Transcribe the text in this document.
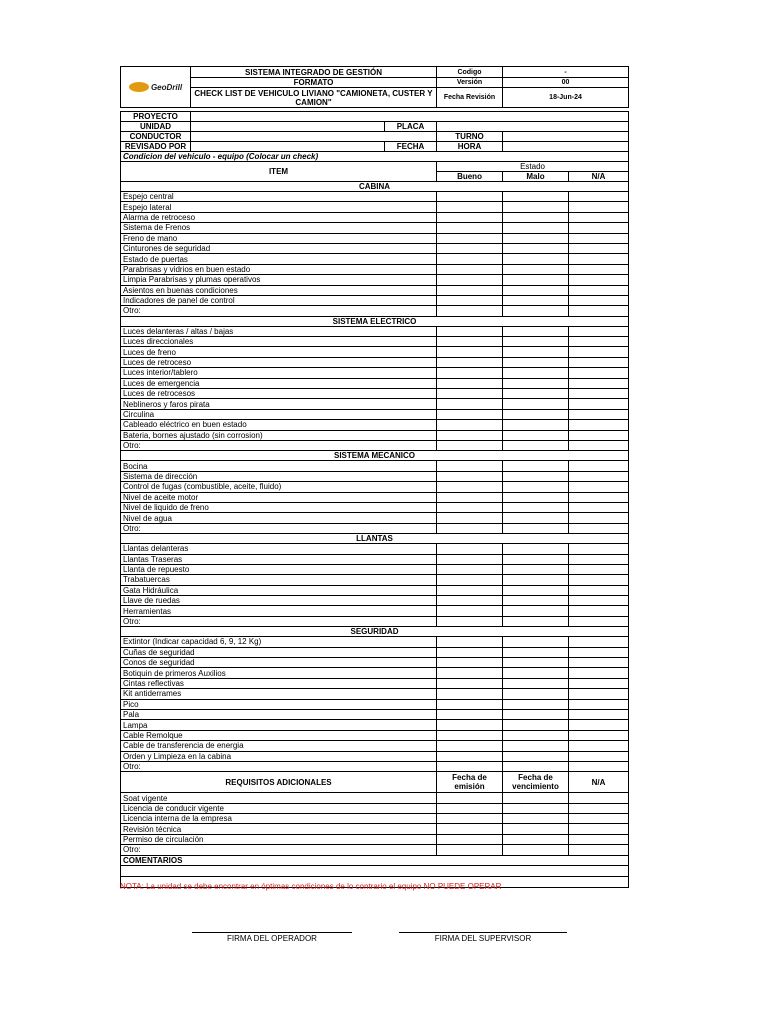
GeoDrill	SISTEMA INTEGRADO DE GESTIÓN		Codigo	-	
	FORMATO		Versión	00	
	CHECK LIST DE VEHICULO LIVIANO "CAMIONETA, CUSTER Y CAMION"		Fecha Revisión	18-Jun-24	

PROYECTO					
UNIDAD		PLACA			
CONDUCTOR			TURNO		
REVISADO POR		FECHA	HORA		
Condicion del vehiculo - equipo (Colocar un check)					
ITEM			Estado		
			Bueno	Malo	N/A
CABINA					
Espejo central					
Espejo lateral					
Alarma de retroceso					
Sistema de Frenos					
Freno de mano					
Cinturones de seguridad					
Estado de puertas					
Parabrisas y vidrios en buen estado					
Limpia Parabrisas y plumas operativos					
Asientos en buenas condiciones					
Indicadores de panel de control					
Otro:					
SISTEMA ELECTRICO					
Luces delanteras / altas / bajas					
Luces direccionales					
Luces de freno					
Luces de retroceso					
Luces interior/tablero					
Luces de emergencia					
Luces de retrocesos					
Neblineros y faros pirata					
Circulina					
Cableado eléctrico en buen estado					
Bateria, bornes ajustado (sin corrosion)					
Otro:					
SISTEMA MECANICO					
Bocina					
Sistema de dirección					
Control de fugas (combustible, aceite, fluido)					
Nivel de aceite motor					
Nivel de liquido de freno					
Nivel de agua					
Otro:					
LLANTAS					
Llantas delanteras					
Llantas Traseras					
Llanta de repuesto					
Trabatuercas					
Gata Hidráulica					
Llave de ruedas					
Herramientas					
Otro:					
SEGURIDAD					
Extintor (Indicar capacidad 6, 9, 12 Kg)					
Cuñas de seguridad					
Conos de seguridad					
Botiquin de primeros Auxilios					
Cintas reflectivas					
Kit antiderrames					
Pico					
Pala					
Lampa					
Cable Remolque					
Cable de transferencia de energia					
Orden y Limpieza en la cabina					
Otro:					
REQUISITOS ADICIONALES			Fecha de emisión	Fecha de vencimiento	N/A
Soat vigente					
Licencia de conducir vigente					
Licencia interna de la empresa					
Revisión técnica					
Permiso de circulación					
Otro:					
COMENTARIOS					

NOTA: La unidad se debe encontrar en óptimas condiciones de lo contrario el equipo NO PUEDE OPERAR
FIRMA DEL OPERADOR	FIRMA DEL SUPERVISOR
